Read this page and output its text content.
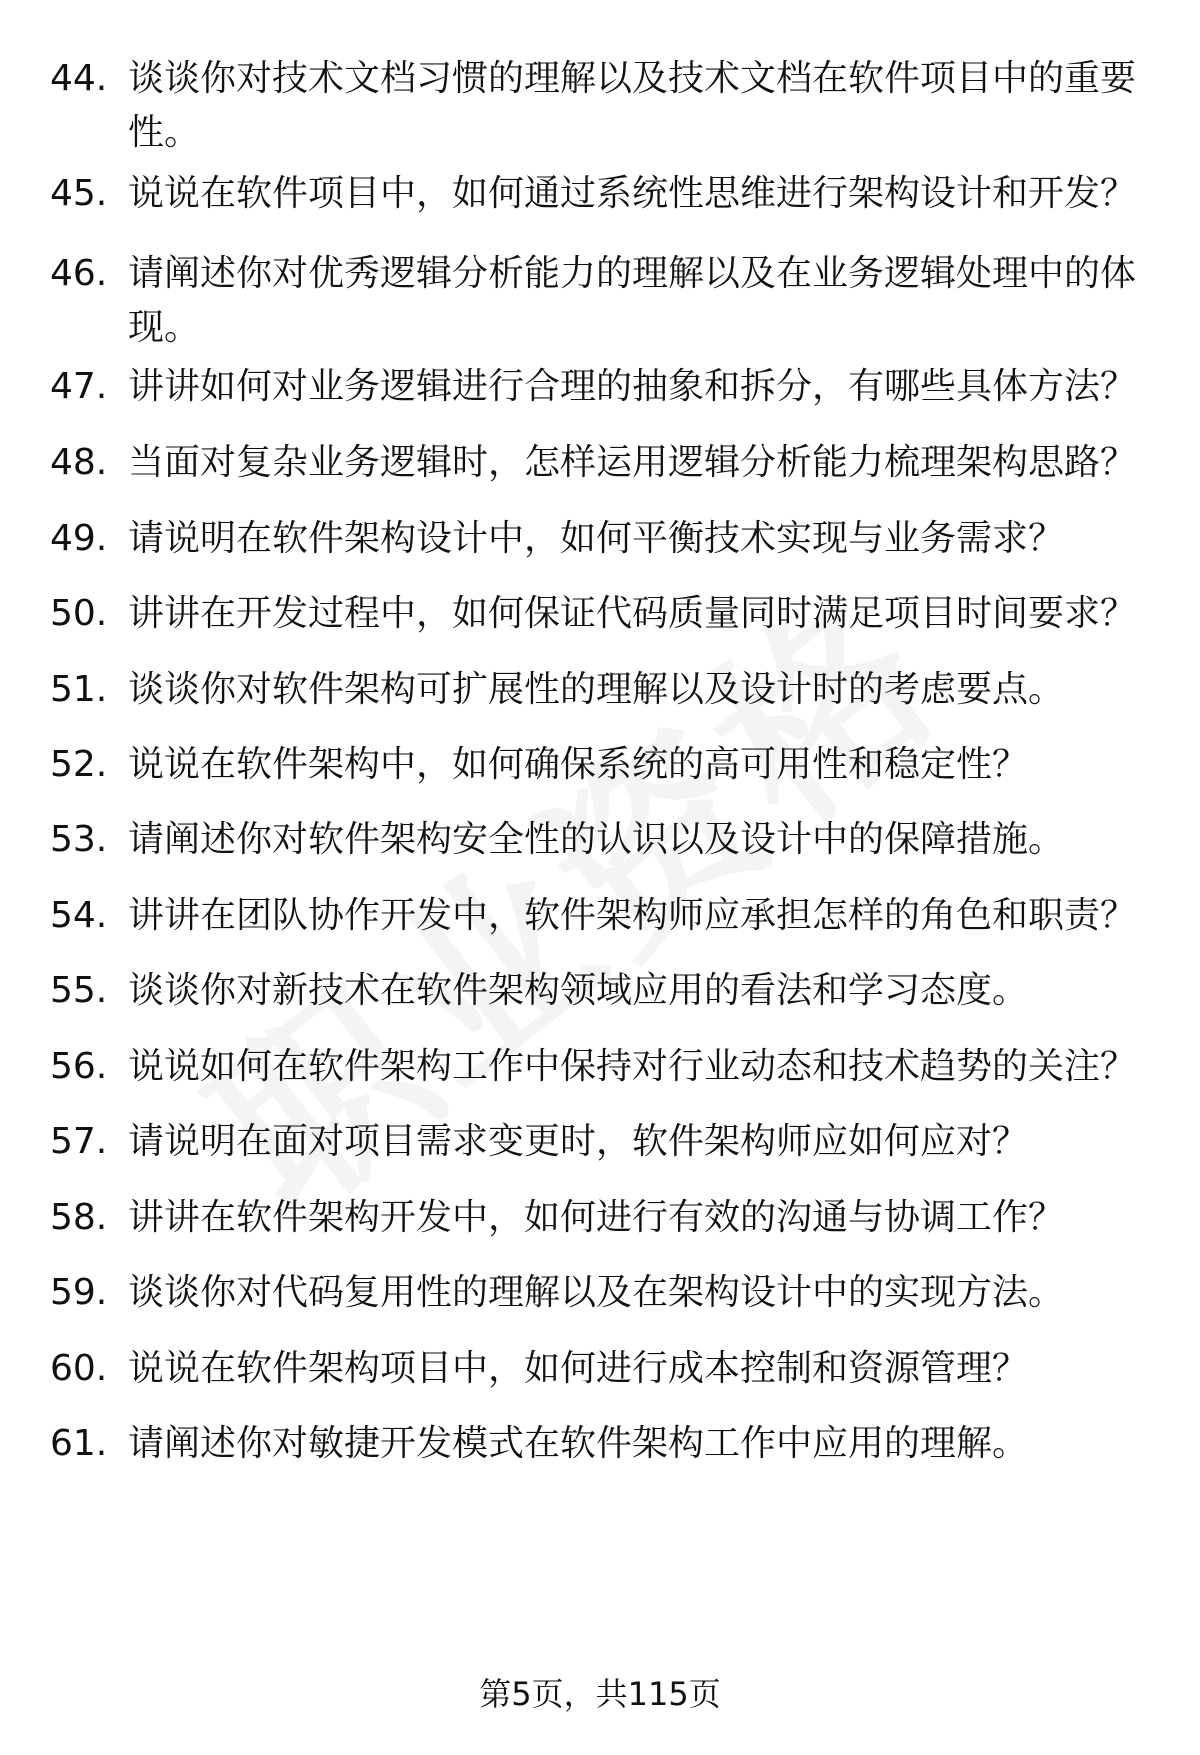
44. 谈谈你对技术文档习惯的理解以及技术文档在软件项目中的重要性。
45. 说说在软件项目中，如何通过系统性思维进行架构设计和开发？
46. 请阐述你对优秀逻辑分析能力的理解以及在业务逻辑处理中的体现。
47. 讲讲如何对业务逻辑进行合理的抽象和拆分，有哪些具体方法？
48. 当面对复杂业务逻辑时，怎样运用逻辑分析能力梳理架构思路？
49. 请说明在软件架构设计中，如何平衡技术实现与业务需求？
50. 讲讲在开发过程中，如何保证代码质量同时满足项目时间要求？
51. 谈谈你对软件架构可扩展性的理解以及设计时的考虑要点。
52. 说说在软件架构中，如何确保系统的高可用性和稳定性？
53. 请阐述你对软件架构安全性的认识以及设计中的保障措施。
54. 讲讲在团队协作开发中，软件架构师应承担怎样的角色和职责？
55. 谈谈你对新技术在软件架构领域应用的看法和学习态度。
56. 说说如何在软件架构工作中保持对行业动态和技术趋势的关注？
57. 请说明在面对项目需求变更时，软件架构师应如何应对？
58. 讲讲在软件架构开发中，如何进行有效的沟通与协调工作？
59. 谈谈你对代码复用性的理解以及在架构设计中的实现方法。
60. 说说在软件架构项目中，如何进行成本控制和资源管理？
61. 请阐述你对敏捷开发模式在软件架构工作中应用的理解。
第5页，共115页
